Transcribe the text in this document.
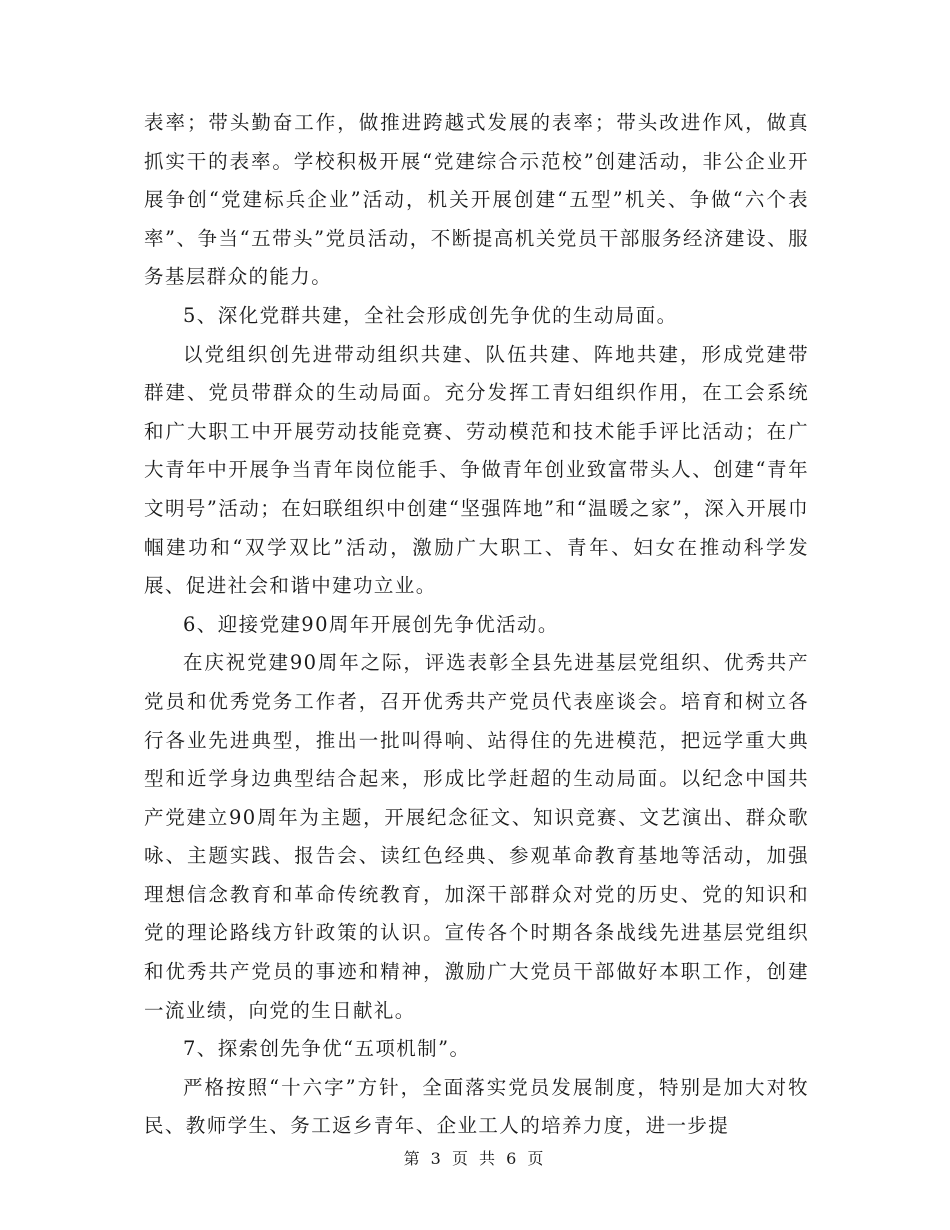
表率；带头勤奋工作，做推进跨越式发展的表率；带头改进作风，做真抓实干的表率。学校积极开展“党建综合示范校”创建活动，非公企业开展争创“党建标兵企业”活动，机关开展创建“五型”机关、争做“六个表率”、争当“五带头”党员活动，不断提高机关党员干部服务经济建设、服务基层群众的能力。

5、深化党群共建，全社会形成创先争优的生动局面。

以党组织创先进带动组织共建、队伍共建、阵地共建，形成党建带群建、党员带群众的生动局面。充分发挥工青妇组织作用，在工会系统和广大职工中开展劳动技能竞赛、劳动模范和技术能手评比活动；在广大青年中开展争当青年岗位能手、争做青年创业致富带头人、创建“青年文明号”活动；在妇联组织中创建“坚强阵地”和“温暖之家”，深入开展巾帼建功和“双学双比”活动，激励广大职工、青年、妇女在推动科学发展、促进社会和谐中建功立业。

6、迎接党建90周年开展创先争优活动。

在庆祝党建90周年之际，评选表彰全县先进基层党组织、优秀共产党员和优秀党务工作者，召开优秀共产党员代表座谈会。培育和树立各行各业先进典型，推出一批叫得响、站得住的先进模范，把远学重大典型和近学身边典型结合起来，形成比学赶超的生动局面。以纪念中国共产党建立90周年为主题，开展纪念征文、知识竞赛、文艺演出、群众歌咏、主题实践、报告会、读红色经典、参观革命教育基地等活动，加强理想信念教育和革命传统教育，加深干部群众对党的历史、党的知识和党的理论路线方针政策的认识。宣传各个时期各条战线先进基层党组织和优秀共产党员的事迹和精神，激励广大党员干部做好本职工作，创建一流业绩，向党的生日献礼。

7、探索创先争优“五项机制”。

严格按照“十六字”方针，全面落实党员发展制度，特别是加大对牧民、教师学生、务工返乡青年、企业工人的培养力度，进一步提

第 3 页 共 6 页
